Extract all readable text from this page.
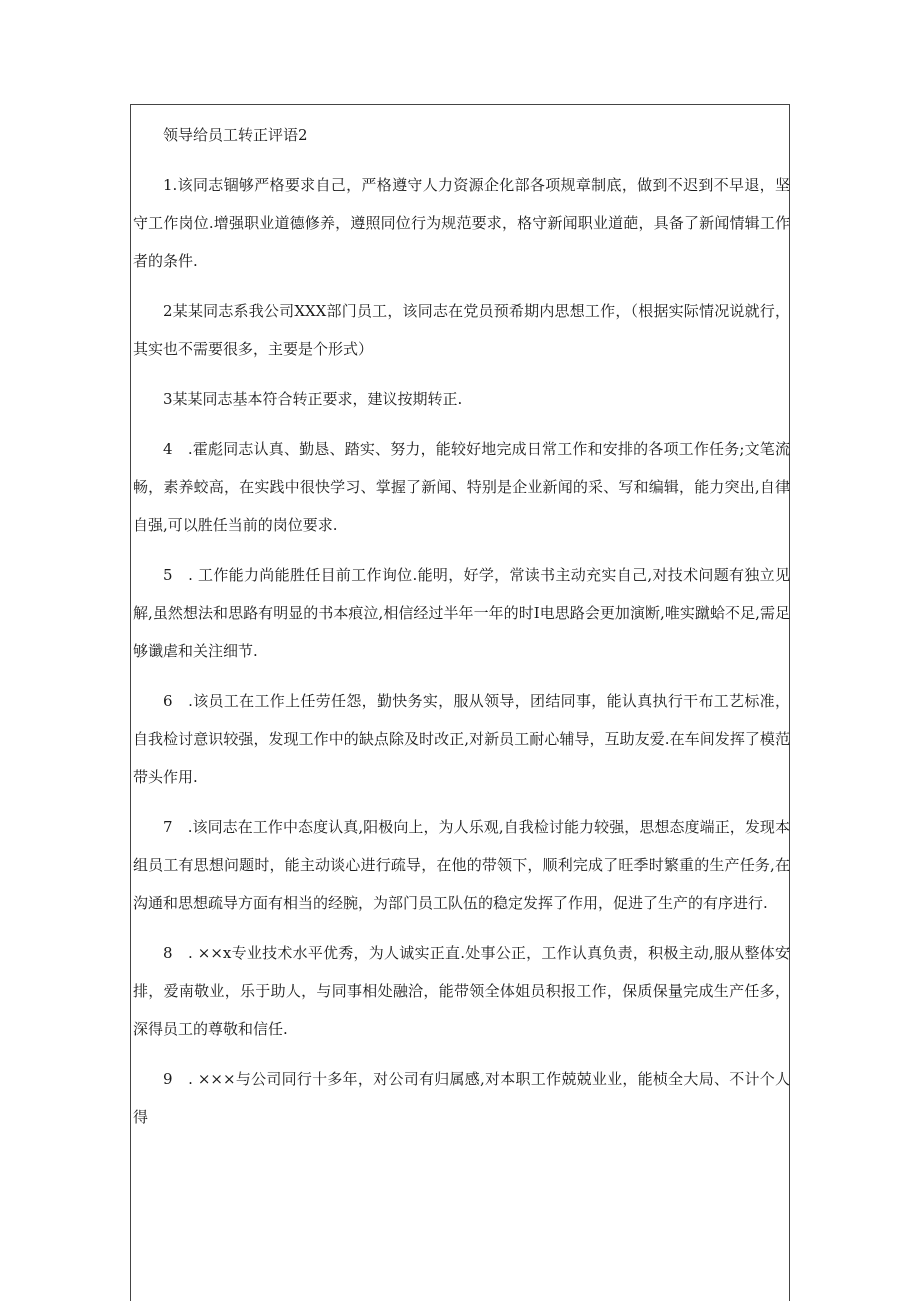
领导给员工转正评语2

1.该同志锢够严格要求自己，严格遵守人力资源企化部各项规章制底，做到不迟到不早退，坚守工作岗位.增强职业道德修养，遵照同位行为规范要求，格守新闻职业道葩，具备了新闻情辑工作者的条件.

2某某同志系我公司XXX部门员工，该同志在党员预希期内思想工作，（根据实际情况说就行，其实也不需要很多，主要是个形式）

3某某同志基本符合转正要求，建议按期转正.

4　.霍彪同志认真、勤恳、踏实、努力，能较好地完成日常工作和安排的各项工作任务;文笔流畅，素养蛟高，在实践中很快学习、掌握了新闻、特别是企业新闻的采、写和编辑，能力突出,自律自强,可以胜任当前的岗位要求.

5　. 工作能力尚能胜任目前工作询位.能明，好学，常读书主动充实自己,对技术问题有独立见解,虽然想法和思路有明显的书本痕泣,相信经过半年一年的时Ⅰ电思路会更加演断,唯实蹴蛤不足,需足够谶虐和关注细节.

6　.该员工在工作上任劳任怨，勤快务实，服从领导，团结同事，能认真执行干布工艺标准，自我检讨意识较强，发现工作中的缺点除及时改正,对新员工耐心辅导，互助友爱.在车间发挥了模范带头作用.

7　.该同志在工作中态度认真,阳极向上，为人乐观,自我检讨能力较强，思想态度端正，发现本组员工有思想问题时，能主动谈心进行疏导，在他的带领下，顺利完成了旺季时繁重的生产任务,在沟通和思想疏导方面有相当的经腕，为部门员工队伍的稳定发挥了作用，促进了生产的有序进行.

8　. ××x专业技术水平优秀，为人诚实正直.处事公正，工作认真负责，积极主动,服从整体安排，爱南敬业，乐于助人，与同事相处融洽，能带领全体姐员积报工作，保质保量完成生产任多，深得员工的尊敬和信任.

9　. ×××与公司同行十多年，对公司有归属感,对本职工作兢兢业业，能桢全大局、不计个人得
